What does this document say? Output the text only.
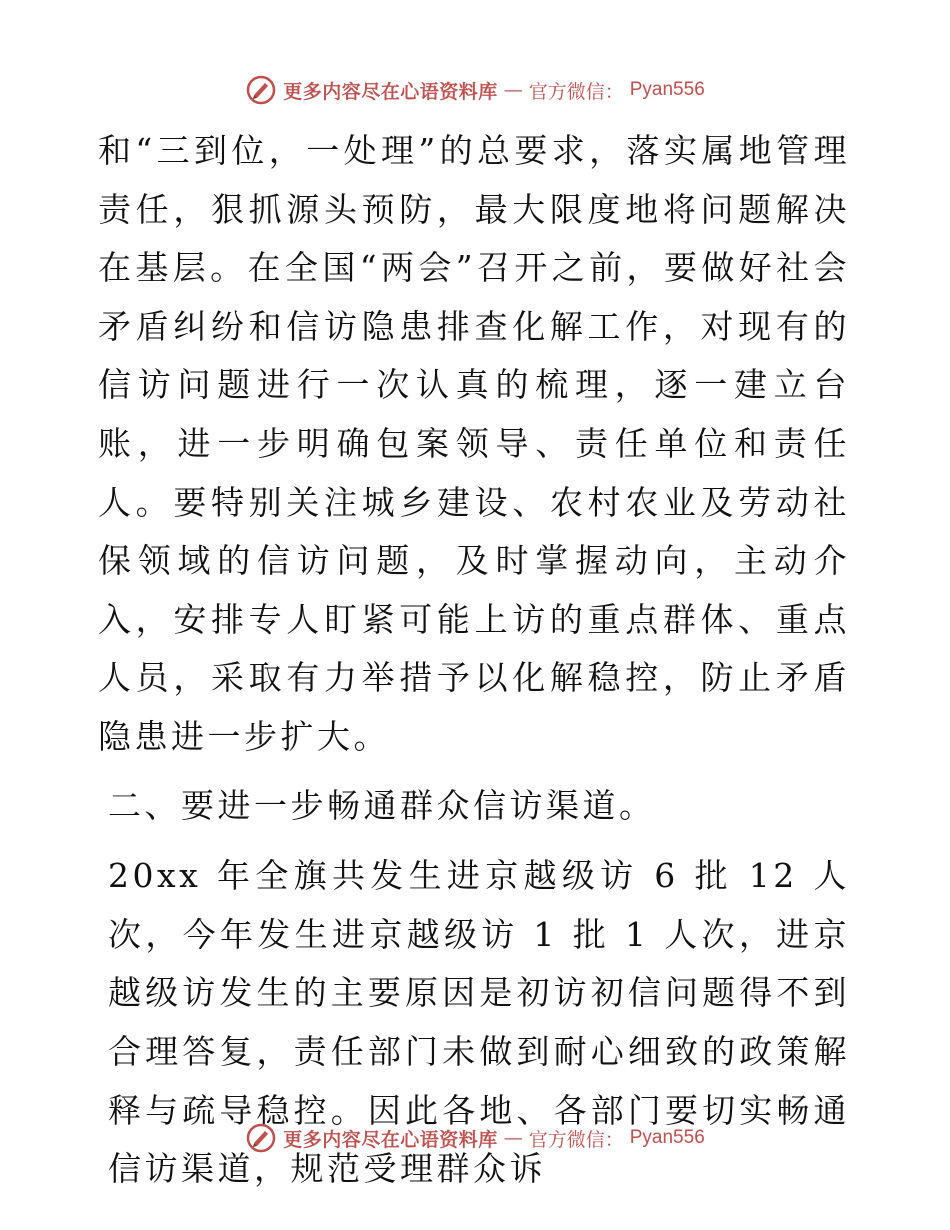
更多内容尽在心语资料库 — 官方微信： Pyan556

和“三到位，一处理”的总要求，落实属地管理责任，狠抓源头预防，最大限度地将问题解决在基层。在全国“两会”召开之前，要做好社会矛盾纠纷和信访隐患排查化解工作，对现有的信访问题进行一次认真的梳理，逐一建立台账，进一步明确包案领导、责任单位和责任人。要特别关注城乡建设、农村农业及劳动社保领域的信访问题，及时掌握动向，主动介入，安排专人盯紧可能上访的重点群体、重点人员，采取有力举措予以化解稳控，防止矛盾隐患进一步扩大。

二、要进一步畅通群众信访渠道。

20xx 年全旗共发生进京越级访 6 批 12 人次，今年发生进京越级访 1 批 1 人次，进京越级访发生的主要原因是初访初信问题得不到合理答复，责任部门未做到耐心细致的政策解释与疏导稳控。因此各地、各部门要切实畅通信访渠道，规范受理群众诉

更多内容尽在心语资料库 — 官方微信： Pyan556
